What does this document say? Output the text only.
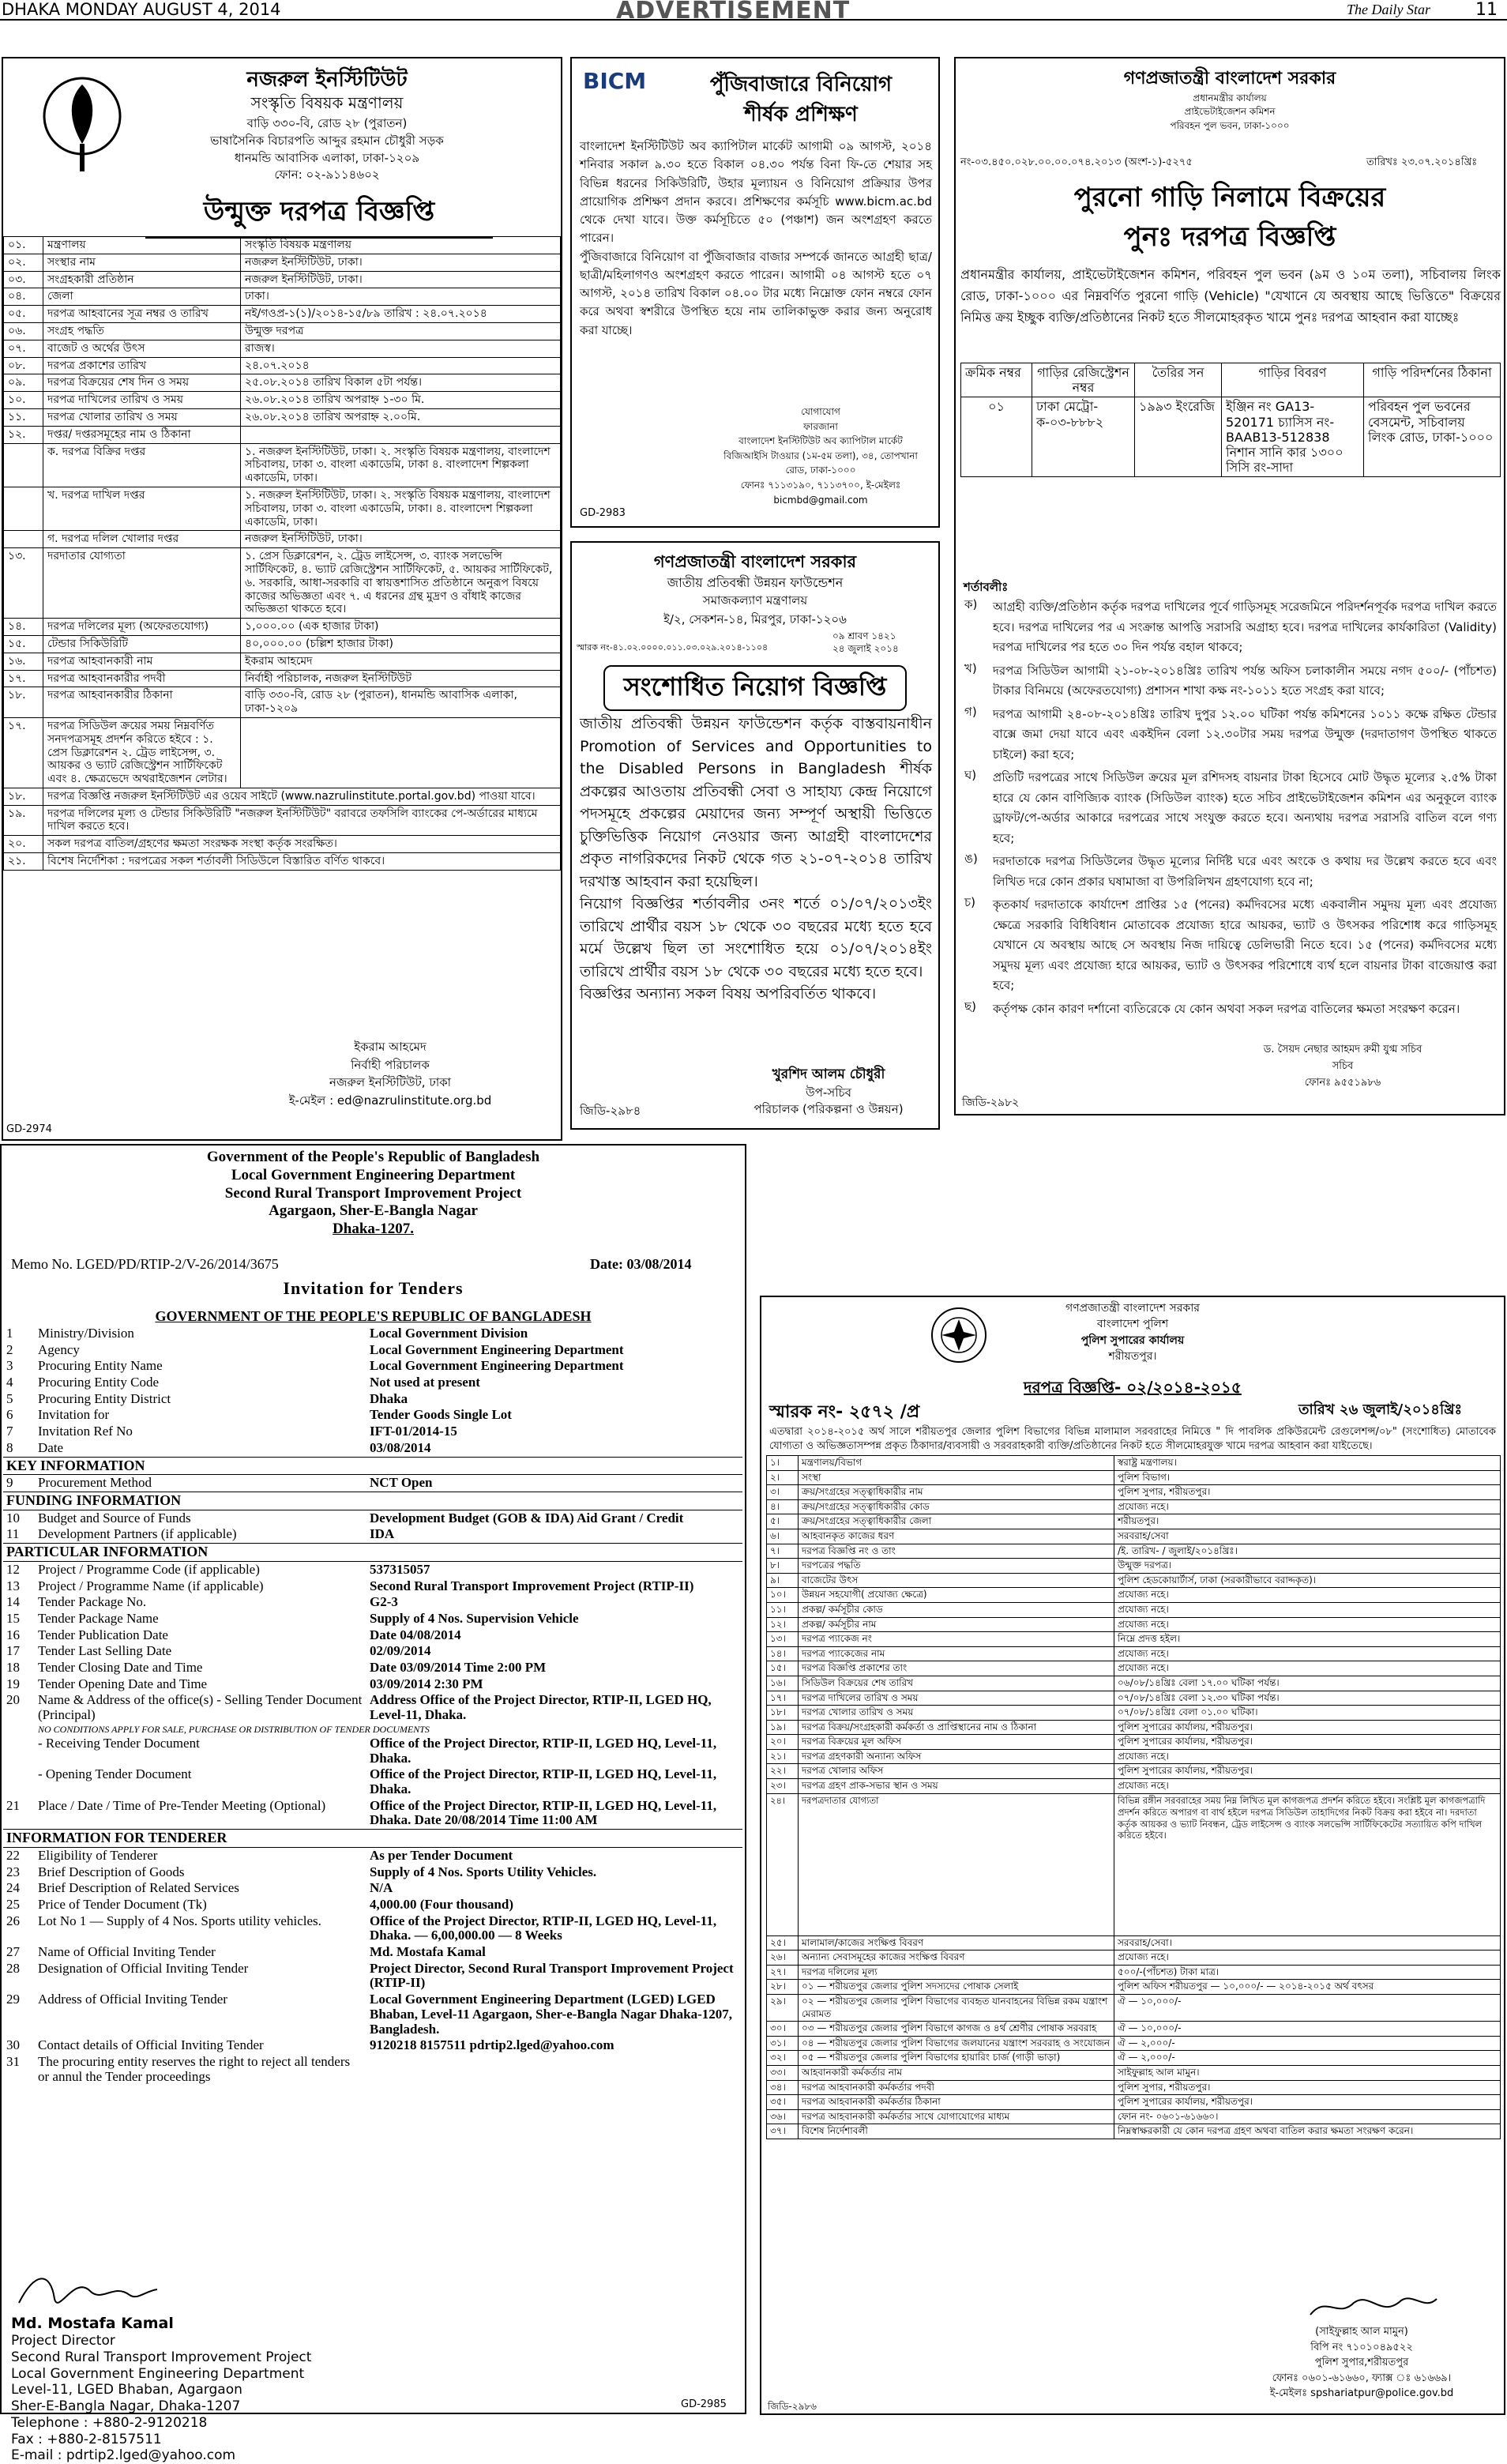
DHAKA MONDAY AUGUST 4, 2014	ADVERTISEMENT	The Daily Star	11
নজরুল ইনস্টিটিউট
সংস্কৃতি বিষয়ক মন্ত্রণালয়
বাড়ি ৩৩০-বি, রোড ২৮ (পুরাতন)
ভাষাসৈনিক বিচারপতি আব্দুর রহমান চৌধুরী সড়ক
ধানমন্ডি আবাসিক এলাকা, ঢাকা-১২০৯
ফোন: ০২-৯১১৪৬০২
উন্মুক্ত দরপত্র বিজ্ঞপ্তি
০১.	মন্ত্রণালয়	সংস্কৃতি বিষয়ক মন্ত্রণালয়
০২.	সংস্থার নাম	নজরুল ইনস্টিটিউট, ঢাকা।
০৩.	সংগ্রহকারী প্রতিষ্ঠান	নজরুল ইনস্টিটিউট, ঢাকা।
০৪.	জেলা	ঢাকা।
০৫.	দরপত্র আহবানের সূত্র নম্বর ও তারিখ	নই/গওপ্র-১(১)/২০১৪-১৫/৮৯ তারিখ : ২৪.০৭.২০১৪
০৬.	সংগ্রহ পদ্ধতি	উন্মুক্ত দরপত্র
০৭.	বাজেট ও অর্থের উৎস	রাজস্ব।
০৮.	দরপত্র প্রকাশের তারিখ	২৪.০৭.২০১৪
০৯.	দরপত্র বিক্রয়ের শেষ দিন ও সময়	২৫.০৮.২০১৪ তারিখ বিকাল ৫টা পর্যন্ত।
১০.	দরপত্র দাখিলের তারিখ ও সময়	২৬.০৮.২০১৪ তারিখ অপরাহ্ন ১-৩০ মি.
১১.	দরপত্র খোলার তারিখ ও সময়	২৬.০৮.২০১৪ তারিখ অপরাহ্ন ২.০০মি.
১২.	দপ্তর/ দপ্তরসমূহের নাম ও ঠিকানা	
	ক. দরপত্র বিক্রির দপ্তর	১. নজরুল ইনস্টিটিউট, ঢাকা। ২. সংস্কৃতি বিষয়ক মন্ত্রণালয়, বাংলাদেশ সচিবালয়, ঢাকা ৩. বাংলা একাডেমি, ঢাকা ৪. বাংলাদেশ শিল্পকলা একাডেমি, ঢাকা।
	খ. দরপত্র দাখিল দপ্তর	১. নজরুল ইনস্টিটিউট, ঢাকা। ২. সংস্কৃতি বিষয়ক মন্ত্রণালয়, বাংলাদেশ সচিবালয়, ঢাকা ৩. বাংলা একাডেমি, ঢাকা। ৪. বাংলাদেশ শিল্পকলা একাডেমি, ঢাকা।
	গ. দরপত্র দলিল খোলার দপ্তর	নজরুল ইনস্টিটিউট, ঢাকা।
১৩.	দরদাতার যোগ্যতা	১. প্রেস ডিক্লারেশন, ২. ট্রেড লাইসেন্স, ৩. ব্যাংক সলভেন্সি সার্টিফিকেট, ৪. ভ্যাট রেজিস্ট্রেশন সার্টিফিকেট, ৫. আয়কর সার্টিফিকেট, ৬. সরকারি, আধা-সরকারি বা স্বায়ত্তশাসিত প্রতিষ্ঠানে অনুরূপ বিষয়ে কাজের অভিজ্ঞতা এবং ৭. এ ধরনের গ্রন্থ মুদ্রণ ও বাঁধাই কাজের অভিজ্ঞতা থাকতে হবে।
১৪.	দরপত্র দলিলের মূল্য (অফেরতযোগ্য)	১,০০০.০০ (এক হাজার টাকা)
১৫.	টেন্ডার সিকিউরিটি	৪০,০০০.০০ (চল্লিশ হাজার টাকা)
১৬.	দরপত্র আহবানকারী নাম	ইকরাম আহমেদ
১৭.	দরপত্র আহবানকারীর পদবী	নির্বাহী পরিচালক, নজরুল ইনস্টিটিউট
১৮.	দরপত্র আহবানকারীর ঠিকানা	বাড়ি ৩৩০-বি, রোড ২৮ (পুরাতন), ধানমন্ডি আবাসিক এলাকা, ঢাকা-১২০৯
১৭.	দরপত্র সিডিউল ক্রয়ের সময় নিম্নবর্ণিত সনদপত্রসমূহ প্রদর্শন করিতে হইবে : ১. প্রেস ডিক্লারেশন ২. ট্রেড লাইসেন্স, ৩. আয়কর ও ভ্যাট রেজিস্ট্রেশন সার্টিফিকেট এবং ৪. ক্ষেত্রভেদে অথরাইজেশন লেটার।	
১৮.	দরপত্র বিজ্ঞপ্তি নজরুল ইনস্টিটিউট এর ওয়েব সাইটে (www.nazrulinstitute.portal.gov.bd) পাওয়া যাবে।	
১৯.	দরপত্র দলিলের মূল্য ও টেন্ডার সিকিউরিটি "নজরুল ইনস্টিটিউট" বরাবরে তফসিলি ব্যাংকের পে-অর্ডারের মাধ্যমে দাখিল করতে হবে।	
২০.	সকল দরপত্র বাতিল/গ্রহণের ক্ষমতা সংরক্ষক সংস্থা কর্তৃক সংরক্ষিত।	
২১.	বিশেষ নির্দেশিকা : দরপত্রের সকল শর্তাবলী সিডিউলে বিস্তারিত বর্ণিত থাকবে।	
ইকরাম আহমেদ
নির্বাহী পরিচালক
নজরুল ইনস্টিটিউট, ঢাকা
ই-মেইল : ed@nazrulinstitute.org.bd
GD-2974
BICM	পুঁজিবাজারে বিনিয়োগ
শীর্ষক প্রশিক্ষণ

বাংলাদেশ ইনস্টিটিউট অব ক্যাপিটাল মার্কেট আগামী ০৯ আগস্ট, ২০১৪ শনিবার সকাল ৯.৩০ হতে বিকাল ০৪.৩০ পর্যন্ত বিনা ফি-তে শেয়ার সহ বিভিন্ন ধরনের সিকিউরিটি, উহার মূল্যায়ন ও বিনিয়োগ প্রক্রিয়ার উপর প্রায়োগিক প্রশিক্ষণ প্রদান করবে। প্রশিক্ষণের কর্মসূচি www.bicm.ac.bd থেকে দেখা যাবে। উক্ত কর্মসূচিতে ৫০ (পঞ্চাশ) জন অংশগ্রহণ করতে পারেন।

পুঁজিবাজারে বিনিয়োগ বা পুঁজিবাজার বাজার সম্পর্কে জানতে আগ্রহী ছাত্র/ছাত্রী/মহিলাগণও অংশগ্রহণ করতে পারেন। আগামী ০৪ আগস্ট হতে ০৭ আগস্ট, ২০১৪ তারিখ বিকাল ০৪.০০ টার মধ্যে নিম্নোক্ত ফোন নম্বরে ফোন করে অথবা স্বশরীরে উপস্থিত হয়ে নাম তালিকাভুক্ত করার জন্য অনুরোধ করা যাচ্ছে।

যোগাযোগ
ফারজানা
বাংলাদেশ ইনস্টিটিউট অব ক্যাপিটাল মার্কেট
বিজিআইসি টাওয়ার (১ম-৫ম তলা), ৩৪, তোপখানা
রোড, ঢাকা-১০০০
ফোনঃ ৭১১৩১৯০, ৭১১৩৭০০, ই-মেইলঃ
bicmbd@gmail.com
GD-2983
গণপ্রজাতন্ত্রী বাংলাদেশ সরকার
জাতীয় প্রতিবন্ধী উন্নয়ন ফাউন্ডেশন
সমাজকল্যাণ মন্ত্রণালয়
ই/২, সেকশন-১৪, মিরপুর, ঢাকা-১২০৬
০৯ শ্রাবণ ১৪২১
স্মারক নং-৪১.০২.০০০০.০১১.০৩.০২৯.২০১৪-১১০৪	২৪ জুলাই ২০১৪
সংশোধিত নিয়োগ বিজ্ঞপ্তি

জাতীয় প্রতিবন্ধী উন্নয়ন ফাউন্ডেশন কর্তৃক বাস্তবায়নাধীন Promotion of Services and Opportunities to the Disabled Persons in Bangladesh শীর্ষক প্রকল্পের আওতায় প্রতিবন্ধী সেবা ও সাহায্য কেন্দ্র নিয়োগে পদসমূহে প্রকল্পের মেয়াদের জন্য সম্পূর্ণ অস্থায়ী ভিত্তিতে চুক্তিভিত্তিক নিয়োগ নেওয়ার জন্য আগ্রহী বাংলাদেশের প্রকৃত নাগরিকদের নিকট থেকে গত ২১-০৭-২০১৪ তারিখ দরখাস্ত আহবান করা হয়েছিল।

নিয়োগ বিজ্ঞপ্তির শর্তাবলীর ৩নং শর্তে ০১/০৭/২০১৩ইং তারিখে প্রার্থীর বয়স ১৮ থেকে ৩০ বছরের মধ্যে হতে হবে মর্মে উল্লেখ ছিল তা সংশোধিত হয়ে ০১/০৭/২০১৪ইং তারিখে প্রার্থীর বয়স ১৮ থেকে ৩০ বছরের মধ্যে হতে হবে।

বিজ্ঞপ্তির অন্যান্য সকল বিষয় অপরিবর্তিত থাকবে।

খুরশিদ আলম চৌধুরী
উপ-সচিব
পরিচালক (পরিকল্পনা ও উন্নয়ন)
জিডি-২৯৮৪
গণপ্রজাতন্ত্রী বাংলাদেশ সরকার
প্রধানমন্ত্রীর কার্যালয়
প্রাইভেটাইজেশন কমিশন
পরিবহন পুল ভবন, ঢাকা-১০০০
নং-০৩.৪৫০.০২৮.০০.০০.০৭৪.২০১৩ (অংশ-১)-৫২৭৫	তারিখঃ ২৩.০৭.২০১৪খ্রিঃ
পুরনো গাড়ি নিলামে বিক্রয়ের
পুনঃ দরপত্র বিজ্ঞপ্তি
প্রধানমন্ত্রীর কার্যালয়, প্রাইভেটাইজেশন কমিশন, পরিবহন পুল ভবন (৯ম ও ১০ম তলা), সচিবালয় লিংক রোড, ঢাকা-১০০০ এর নিম্নবর্ণিত পুরনো গাড়ি (Vehicle) "যেখানে যে অবস্থায় আছে ভিত্তিতে" বিক্রয়ের নিমিত্ত ক্রয় ইচ্ছুক ব্যক্তি/প্রতিষ্ঠানের নিকট হতে সীলমোহরকৃত খামে পুনঃ দরপত্র আহবান করা যাচ্ছেঃ
ক্রমিক নম্বর	গাড়ির রেজিস্ট্রেশন নম্বর	তৈরির সন	গাড়ির বিবরণ	গাড়ি পরিদর্শনের ঠিকানা
০১	ঢাকা মেট্রো-ক-০৩-৮৮৮২	১৯৯৩ ইংরেজি	ইঞ্জিন নং GA13-520171 চ্যাসিস নং-BAAB13-512838 নিশান সানি কার ১৩০০ সিসি রং-সাদা	পরিবহন পুল ভবনের বেসমেন্ট, সচিবালয় লিংক রোড, ঢাকা-১০০০
শর্তাবলীঃ
ক)	আগ্রহী ব্যক্তি/প্রতিষ্ঠান কর্তৃক দরপত্র দাখিলের পূর্বে গাড়িসমূহ সরেজমিনে পরিদর্শনপূর্বক দরপত্র দাখিল করতে হবে। দরপত্র দাখিলের পর এ সংক্রান্ত আপত্তি সরাসরি অগ্রাহ্য হবে। দরপত্র দাখিলের কার্যকারিতা (Validity) দরপত্র দাখিলের পর হতে ৩০ দিন পর্যন্ত বহাল থাকবে;
খ)	দরপত্র সিডিউল আগামী ২১-০৮-২০১৪খ্রিঃ তারিখ পর্যন্ত অফিস চলাকালীন সময়ে নগদ ৫০০/- (পাঁচশত) টাকার বিনিময়ে (অফেরতযোগ্য) প্রশাসন শাখা কক্ষ নং-১০১১ হতে সংগ্রহ করা যাবে;
গ)	দরপত্র আগামী ২৪-০৮-২০১৪খ্রিঃ তারিখ দুপুর ১২.০০ ঘটিকা পর্যন্ত কমিশনের ১০১১ কক্ষে রক্ষিত টেন্ডার বাক্সে জমা দেয়া যাবে এবং একইদিন বেলা ১২.৩০টার সময় দরপত্র উন্মুক্ত (দরদাতাগণ উপস্থিত থাকতে চাইলে) করা হবে;
ঘ)	প্রতিটি দরপত্রের সাথে সিডিউল ক্রয়ের মূল রশিদসহ বায়নার টাকা হিসেবে মোট উদ্ধৃত মূল্যের ২.৫% টাকা হারে যে কোন বাণিজ্যিক ব্যাংক (সিডিউল ব্যাংক) হতে সচিব প্রাইভেটাইজেশন কমিশন এর অনুকূলে ব্যাংক ড্রাফট/পে-অর্ডার আকারে দরপত্রের সাথে সংযুক্ত করতে হবে। অন্যথায় দরপত্র সরাসরি বাতিল বলে গণ্য হবে;
ঙ)	দরদাতাকে দরপত্র সিডিউলের উদ্ধৃত মূল্যের নির্দিষ্ট ঘরে এবং অংকে ও কথায় দর উল্লেখ করতে হবে এবং লিখিত দরে কোন প্রকার ঘষামাজা বা উপরিলিখন গ্রহণযোগ্য হবে না;
চ)	কৃতকার্য দরদাতাকে কার্যাদেশ প্রাপ্তির ১৫ (পনের) কর্মদিবসের মধ্যে একবালীন সমুদয় মূল্য এবং প্রযোজ্য ক্ষেত্রে সরকারি বিধিবিধান মোতাবেক প্রযোজ্য হারে আয়কর, ভ্যাট ও উৎসকর পরিশোধ করে গাড়িসমূহ যেখানে যে অবস্থায় আছে সে অবস্থায় নিজ দায়িত্বে ডেলিভারী নিতে হবে। ১৫ (পনের) কর্মদিবসের মধ্যে সমুদয় মূল্য এবং প্রযোজ্য হারে আয়কর, ভ্যাট ও উৎসকর পরিশোধে ব্যর্থ হলে বায়নার টাকা বাজেয়াপ্ত করা হবে;
ছ)	কর্তৃপক্ষ কোন কারণ দর্শানো ব্যতিরেকে যে কোন অথবা সকল দরপত্র বাতিলের ক্ষমতা সংরক্ষণ করেন।
ড. সৈয়দ নেছার আহমদ রুমী যুগ্ম সচিব
সচিব
ফোনঃ ৯৫৫১৯৮৬
জিডি-২৯৮২
Government of the People's Republic of Bangladesh
Local Government Engineering Department
Second Rural Transport Improvement Project
Agargaon, Sher-E-Bangla Nagar
Dhaka-1207.
Memo No. LGED/PD/RTIP-2/V-26/2014/3675	Date: 03/08/2014
Invitation for Tenders
GOVERNMENT OF THE PEOPLE'S REPUBLIC OF BANGLADESH
1	Ministry/Division	Local Government Division
2	Agency	Local Government Engineering Department
3	Procuring Entity Name	Local Government Engineering Department
4	Procuring Entity Code	Not used at present
5	Procuring Entity District	Dhaka
6	Invitation for	Tender Goods Single Lot
7	Invitation Ref No	IFT-01/2014-15
8	Date	03/08/2014
KEY INFORMATION		
9	Procurement Method	NCT Open
FUNDING INFORMATION		
10	Budget and Source of Funds	Development Budget (GOB & IDA) Aid Grant / Credit
11	Development Partners (if applicable)	IDA
PARTICULAR INFORMATION		
12	Project / Programme Code (if applicable)	537315057
13	Project / Programme Name (if applicable)	Second Rural Transport Improvement Project (RTIP-II)
14	Tender Package No.	G2-3
15	Tender Package Name	Supply of 4 Nos. Supervision Vehicle
16	Tender Publication Date	Date 04/08/2014
17	Tender Last Selling Date	02/09/2014
18	Tender Closing Date and Time	Date 03/09/2014 Time 2:00 PM
19	Tender Opening Date and Time	03/09/2014 2:30 PM
20	Name & Address of the office(s) - Selling Tender Document (Principal)	Address Office of the Project Director, RTIP-II, LGED HQ, Level-11, Dhaka.
	NO CONDITIONS APPLY FOR SALE, PURCHASE OR DISTRIBUTION OF TENDER DOCUMENTS	
	- Receiving Tender Document	Office of the Project Director, RTIP-II, LGED HQ, Level-11, Dhaka.
	- Opening Tender Document	Office of the Project Director, RTIP-II, LGED HQ, Level-11, Dhaka.
21	Place / Date / Time of Pre-Tender Meeting (Optional)	Office of the Project Director, RTIP-II, LGED HQ, Level-11, Dhaka. Date 20/08/2014 Time 11:00 AM
INFORMATION FOR TENDERER		
22	Eligibility of Tenderer	As per Tender Document
23	Brief Description of Goods	Supply of 4 Nos. Sports Utility Vehicles.
24	Brief Description of Related Services	N/A
25	Price of Tender Document (Tk)	4,000.00 (Four thousand)
26	Lot No 1 — Supply of 4 Nos. Sports utility vehicles.	Office of the Project Director, RTIP-II, LGED HQ, Level-11, Dhaka. — 6,00,000.00 — 8 Weeks
27	Name of Official Inviting Tender	Md. Mostafa Kamal
28	Designation of Official Inviting Tender	Project Director, Second Rural Transport Improvement Project (RTIP-II)
29	Address of Official Inviting Tender	Local Government Engineering Department (LGED) LGED Bhaban, Level-11 Agargaon, Sher-e-Bangla Nagar Dhaka-1207, Bangladesh.
30	Contact details of Official Inviting Tender	9120218 8157511 pdrtip2.lged@yahoo.com
31	The procuring entity reserves the right to reject all tenders or annul the Tender proceedings	
Md. Mostafa Kamal
Project Director
Second Rural Transport Improvement Project
Local Government Engineering Department
Level-11, LGED Bhaban, Agargaon
Sher-E-Bangla Nagar, Dhaka-1207
Telephone : +880-2-9120218
Fax : +880-2-8157511
E-mail : pdrtip2.lged@yahoo.com
GD-2985
গণপ্রজাতন্ত্রী বাংলাদেশ সরকার
বাংলাদেশ পুলিশ
পুলিশ সুপারের কার্যালয়
শরীয়তপুর।
দরপত্র বিজ্ঞপ্তি- ০২/২০১৪-২০১৫
স্মারক নং- ২৫৭২ /প্র	তারিখ ২৬ জুলাই/২০১৪খ্রিঃ
এতদ্বারা ২০১৪-২০১৫ অর্থ সালে শরীয়তপুর জেলার পুলিশ বিভাগের বিভিন্ন মালামাল সরবরাহের নিমিত্তে " দি পাবলিক প্রকিউরমেন্ট রেগুলেশন্স/০৮" (সংশোধিত) মোতাবেক যোগ্যতা ও অভিজ্ঞতাসম্পন্ন প্রকৃত ঠিকাদার/ব্যবসায়ী ও সরবরাহকারী ব্যক্তি/প্রতিষ্ঠানের নিকট হতে সীলমোহরযুক্ত খামে দরপত্র আহবান করা যাইতেছে।
১।	মন্ত্রণালয়/বিভাগ	স্বরাষ্ট্র মন্ত্রণালয়।
২।	সংস্থা	পুলিশ বিভাগ।
৩।	ক্রয়/সংগ্রহের সত্ত্বাধিকারীর নাম	পুলিশ সুপার, শরীয়তপুর।
৪।	ক্রয়/সংগ্রহের সত্ত্বাধিকারীর কোড	প্রযোজ্য নহে।
৫।	ক্রয়/সংগ্রহের সত্ত্বাধিকারীর জেলা	শরীয়তপুর।
৬।	আহবানকৃত কাজের ধরণ	সরবরাহ/সেবা
৭।	দরপত্র বিজ্ঞপ্তি নং ও তাং	/ই. তারিখ- / জুলাই/২০১৪খ্রিঃ।
৮।	দরপত্রের পদ্ধতি	উন্মুক্ত দরপত্র।
৯।	বাজেটের উৎস	পুলিশ হেডকোয়ার্টার্স, ঢাকা (সরকারীভাবে বরাদ্দকৃত)।
১০।	উন্নয়ন সহযোগী( প্রযোজ্য ক্ষেত্রে)	প্রযোজ্য নহে।
১১।	প্রকল্প/ কর্মসূচীর কোড	প্রযোজ্য নহে।
১২।	প্রকল্প/ কর্মসূচীর নাম	প্রযোজ্য নহে।
১৩।	দরপত্র প্যাকেজ নং	নিম্নে প্রদত্ত হইল।
১৪।	দরপত্র প্যাকেজের নাম	প্রযোজ্য নহে।
১৫।	দরপত্র বিজ্ঞপ্তি প্রকাশের তাং	প্রযোজ্য নহে।
১৬।	সিডিউল বিক্রয়ের শেষ তারিখ	০৬/০৮/১৪খ্রিঃ বেলা ১৭.০০ ঘটিকা পর্যন্ত।
১৭।	দরপত্র দাখিলের তারিখ ও সময়	০৭/০৮/১৪খ্রিঃ বেলা ১২.৩০ ঘটিকা পর্যন্ত।
১৮।	দরপত্র খোলার তারিখ ও সময়	০৭/০৮/১৪খ্রিঃ বেলা ০১.০০ ঘটিকা।
১৯।	দরপত্র বিক্রয়/সংগ্রহকারী কর্মকর্তা ও প্রাপ্তিস্থানের নাম ও ঠিকানা	পুলিশ সুপারের কার্যালয়, শরীয়তপুর।
২০।	দরপত্র বিক্রয়ের মূল অফিস	পুলিশ সুপারের কার্যালয়, শরীয়তপুর।
২১।	দরপত্র গ্রহণকারী অন্যান্য অফিস	প্রযোজ্য নহে।
২২।	দরপত্র খোলার অফিস	পুলিশ সুপারের কার্যালয়, শরীয়তপুর।
২৩।	দরপত্র গ্রহণ প্রাক-সভার স্থান ও সময়	প্রযোজ্য নহে।
২৪।	দরপত্রদাতার যোগ্যতা	বিভিন্ন রঙ্গীন সরবরাহের সময় নিম্ন লিখিত মূল কাগজপত্র প্রদর্শন করিতে হইবে। সংশ্লিষ্ট মূল কাগজপত্রাদি প্রদর্শন করিতে অপারগ বা বার্থ হইলে দরপত্র সিডিউল তাহাদিগের নিকট বিক্রয় করা হইবে না। দরদাতা কর্তৃক আয়কর ও ভ্যাট নিবন্ধন, ট্রেড লাইসেন্স ও ব্যাংক সলভেন্সি সার্টিফিকেটের সত্যায়িত কপি দাখিল করিতে হইবে।
২৫।	মালামাল/কাজের সংক্ষিপ্ত বিবরণ	সরবরাহ/সেবা।
২৬।	অন্যান্য সেবাসমূহের কাজের সংক্ষিপ্ত বিবরণ	প্রযোজ্য নহে।
২৭।	দরপত্র দলিলের মূল্য	৫০০/-(পাঁচশত) টাকা মাত্র।
২৮।	০১ — শরীয়তপুর জেলার পুলিশ সদস্যদের পোষাক সেলাই	পুলিশ অফিস শরীয়তপুর — ১০,০০০/- — ২০১৪-২০১৫ অর্থ বৎসর
২৯।	০২ — শরীয়তপুর জেলার পুলিশ বিভাগের ব্যবহৃত যানবাহনের বিভিন্ন রকম যন্ত্রাংশ মেরামত	ঐ — ১০,০০০/-
৩০।	০৩ — শরীয়তপুর জেলার পুলিশ বিভাগে কাগজ ও ৪র্থ শ্রেণীর পোষাক সরবরাহ	ঐ — ১০,০০০/-
৩১।	০৪ — শরীয়তপুর জেলার পুলিশ বিভাগের জলযানের যন্ত্রাংশ সরবরাহ ও সংযোজন	ঐ — ২,০০০/-
৩২।	০৫ — শরীয়তপুর জেলার পুলিশ বিভাগের হায়ারিং চার্জ (গাড়ী ভাড়া)	ঐ — ২,০০০/-
৩৩।	আহবানকারী কর্মকর্তার নাম	সাইফুল্লাহ আল মামুন।
৩৪।	দরপত্র আহবানকারী কর্মকর্তার পদবী	পুলিশ সুপার, শরীয়তপুর।
৩৫।	দরপত্র আহবানকারী কর্মকর্তার ঠিকানা	পুলিশ সুপারের কার্যালয়, শরীয়তপুর।
৩৬।	দরপত্র আহবানকারী কর্মকর্তার সাথে যোগাযোগের মাধ্যম	ফোন নং- ০৬০১-৬১৬৬০।
৩৭।	বিশেষ নির্দেশাবলী	নিম্নস্বাক্ষরকারী যে কোন দরপত্র গ্রহণ অথবা বাতিল করার ক্ষমতা সংরক্ষণ করেন।
(সাইফুল্লাহ আল মামুন)
বিপি নং ৭১০১০৪৯৫২২
পুলিশ সুপার,শরীয়তপুর
ফোনঃ ০৬০১-৬১৬৬০, ফ্যাক্স ঃ ৬১৬৬৯।
ই-মেইলঃ spshariatpur@police.gov.bd
জিডি-২৯৮৬
